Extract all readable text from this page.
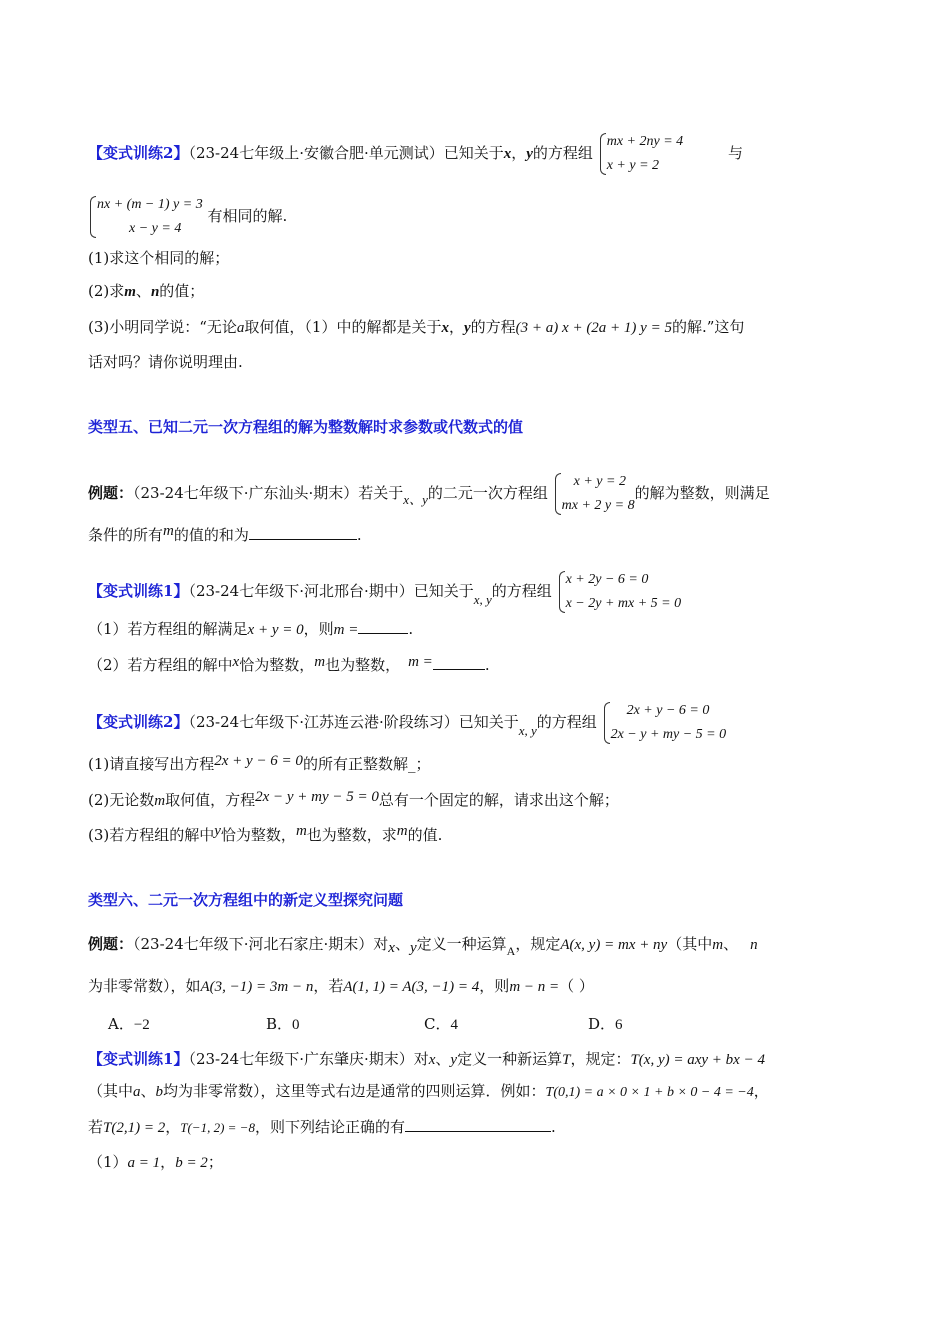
【变式训练2】（23-24七年级上·安徽合肥·单元测试）已知关于x，y的方程组
mx + 2ny = 4
x + y = 2
与
nx + (m − 1) y = 3
x − y = 4
有相同的解.
(1)求这个相同的解；
(2)求m、n的值；
(3)小明同学说：“无论a取何值，（1）中的解都是关于x，y的方程(3 + a) x + (2a + 1) y = 5的解.”这句
话对吗？请你说明理由.
类型五、已知二元一次方程组的解为整数解时求参数或代数式的值
例题：（23-24七年级下·广东汕头·期末）若关于x、y的二元一次方程组
x + y = 2
mx + 2 y = 8
的解为整数，则满足
条件的所有m的值的和为	.
【变式训练1】（23-24七年级下·河北邢台·期中）已知关于x, y的方程组
x + 2y − 6 = 0
x − 2y + mx + 5 = 0
（1）若方程组的解满足x + y = 0，则m =	.
（2）若方程组的解中x恰为整数，m也为整数， m =	.
【变式训练2】（23-24七年级下·江苏连云港·阶段练习）已知关于x, y的方程组
2x + y − 6 = 0
2x − y + my − 5 = 0
(1)请直接写出方程2x + y − 6 = 0的所有正整数解_；
(2)无论数m取何值，方程2x − y + my − 5 = 0总有一个固定的解，请求出这个解；
(3)若方程组的解中y恰为整数，m也为整数，求m的值.
类型六、二元一次方程组中的新定义型探究问题
例题：（23-24七年级下·河北石家庄·期末）对x、y定义一种运算$_A$，规定A(x, y) = mx + ny（其中m、 n
为非零常数），如A(3, −1) = 3m − n，若A(1, 1) = A(3, −1) = 4，则m − n =（ ）
A．−2	B．0	C．4	D．6
【变式训练1】（23-24七年级下·广东肇庆·期末）对x、y定义一种新运算T，规定：T(x, y) = axy + bx − 4
（其中a、b均为非零常数），这里等式右边是通常的四则运算．例如：T(0,1) = a × 0 × 1 + b × 0 − 4 = −4，
若T(2,1) = 2，T(−1, 2) = −8，则下列结论正确的有	.
（1）a = 1，b = 2；
